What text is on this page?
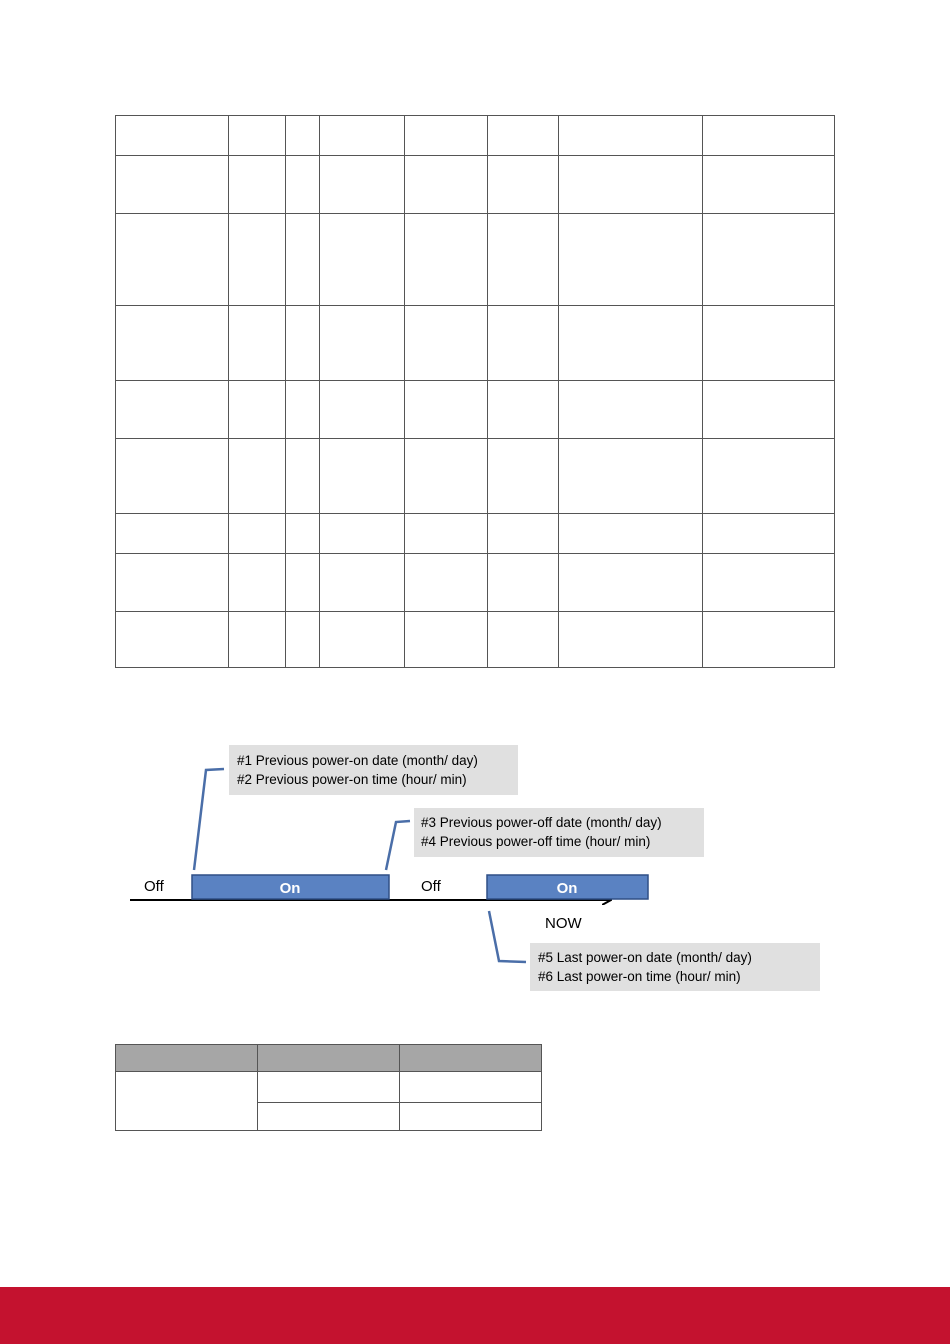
#1 Previous power-on date (month/ day)
#2 Previous power-on time (hour/ min)
#3 Previous power-off date (month/ day)
#4 Previous power-off time (hour/ min)
Off	On	Off	On
NOW
#5 Last power-on date (month/ day)
#6 Last power-on time (hour/ min)
